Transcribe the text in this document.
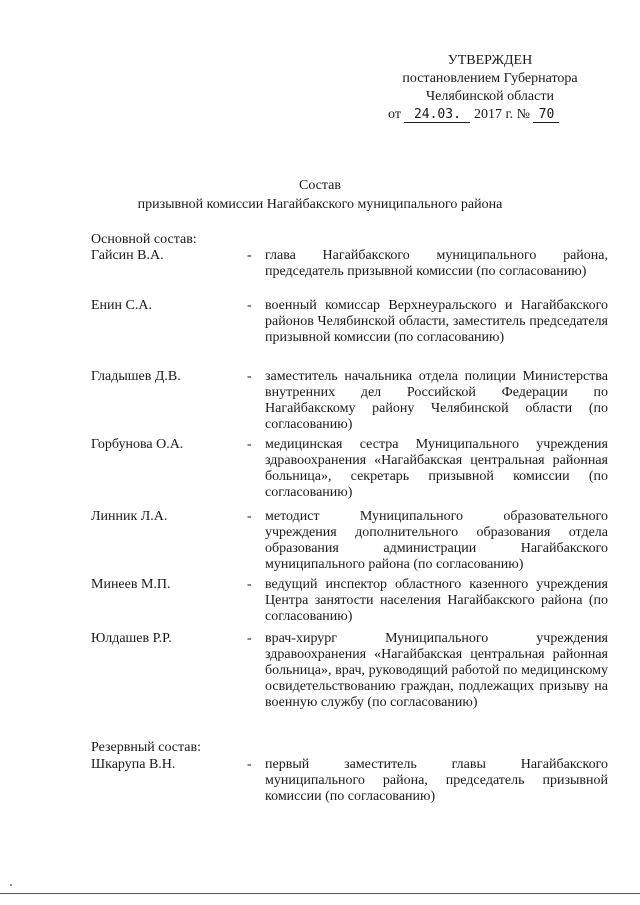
УТВЕРЖДЕН
постановлением Губернатора
Челябинской области
от 24.03. 2017 г. № 70
Состав
призывной комиссии Нагайбакского муниципального района
Основной состав:
Гайсин В.А.	- глава Нагайбакского муниципального района, председатель призывной комиссии (по согласованию)
Енин С.А.	- военный комиссар Верхнеуральского и Нагайбакского районов Челябинской области, заместитель председателя призывной комиссии (по согласованию)
Гладышев Д.В.	- заместитель начальника отдела полиции Министерства внутренних дел Российской Федерации по Нагайбакскому району Челябинской области (по согласованию)
Горбунова О.А.	- медицинская сестра Муниципального учреждения здравоохранения «Нагайбакская центральная районная больница», секретарь призывной комиссии (по согласованию)
Линник Л.А.	- методист Муниципального образовательного учреждения дополнительного образования отдела образования администрации Нагайбакского муниципального района (по согласованию)
Минеев М.П.	- ведущий инспектор областного казенного учреждения Центра занятости населения Нагайбакского района (по согласованию)
Юлдашев Р.Р.	- врач-хирург Муниципального учреждения здравоохранения «Нагайбакская центральная районная больница», врач, руководящий работой по медицинскому освидетельствованию граждан, подлежащих призыву на военную службу (по согласованию)
Резервный состав:
Шкарупа В.Н.	- первый заместитель главы Нагайбакского муниципального района, председатель призывной комиссии (по согласованию)
